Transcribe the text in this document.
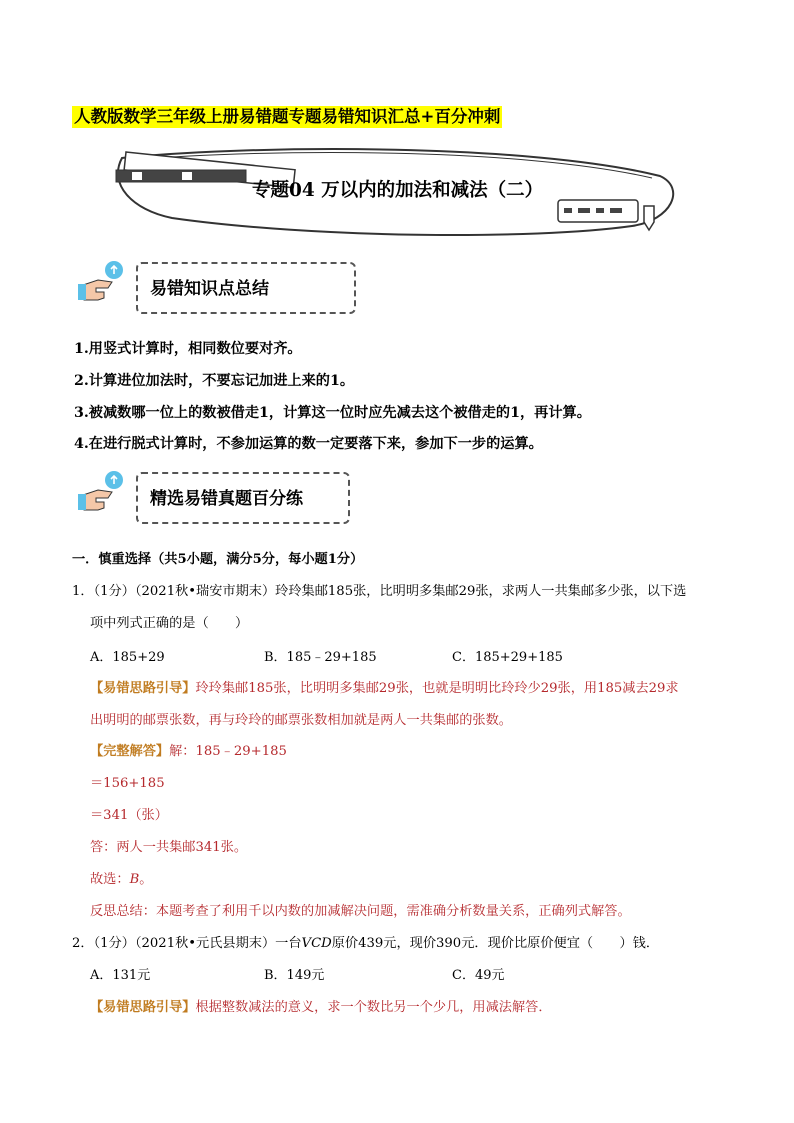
人教版数学三年级上册易错题专题易错知识汇总+百分冲刺
专题04 万以内的加法和减法（二）
易错知识点总结
1.用竖式计算时，相同数位要对齐。
2.计算进位加法时，不要忘记加进上来的1。
3.被减数哪一位上的数被借走1，计算这一位时应先减去这个被借走的1，再计算。
4.在进行脱式计算时，不参加运算的数一定要落下来，参加下一步的运算。
精选易错真题百分练
一．慎重选择（共5小题，满分5分，每小题1分）
1．（1分）（2021秋•瑞安市期末）玲玲集邮185张，比明明多集邮29张，求两人一共集邮多少张，以下选
项中列式正确的是（　　）
A．185+29	B．185﹣29+185	C．185+29+185
【易错思路引导】玲玲集邮185张，比明明多集邮29张，也就是明明比玲玲少29张，用185减去29求
出明明的邮票张数，再与玲玲的邮票张数相加就是两人一共集邮的张数。
【完整解答】解：185﹣29+185
＝156+185
＝341（张）
答：两人一共集邮341张。
故选：B。
反思总结：本题考查了利用千以内数的加减解决问题，需准确分析数量关系，正确列式解答。
2．（1分）（2021秋•元氏县期末）一台VCD原价439元，现价390元．现价比原价便宜（　　）钱．
A．131元	B．149元	C．49元
【易错思路引导】根据整数减法的意义，求一个数比另一个少几，用减法解答．
